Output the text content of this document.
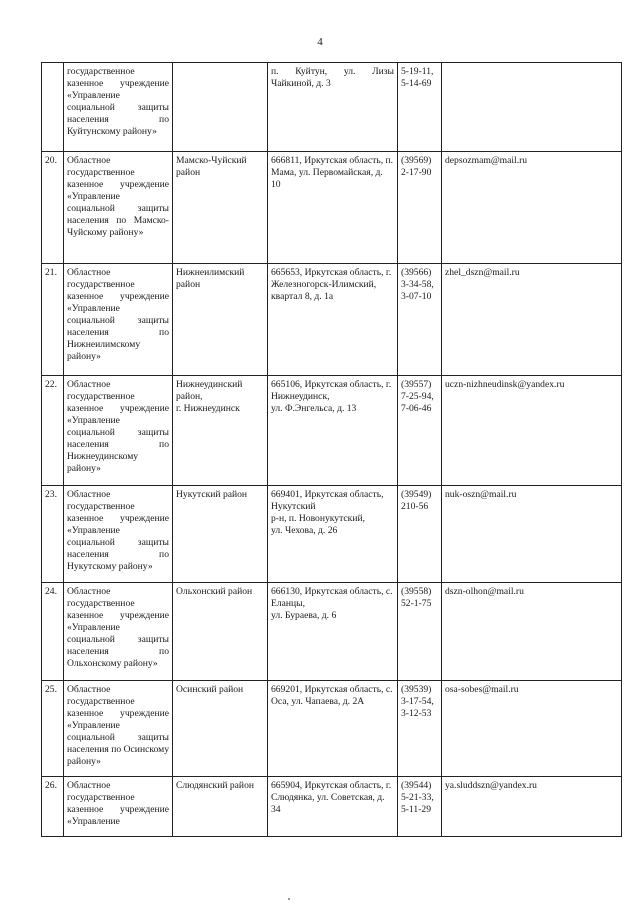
4
	государственное казенное учреждение «Управление социальной защиты населения по Куйтунскому району»		п. Куйтун, ул. Лизы Чайкиной, д. 3	5-19-11,
5-14-69	
20.	Областное государственное казенное учреждение «Управление социальной защиты населения по Мамско-Чуйскому району»	Мамско-Чуйский район	666811, Иркутская область, п. Мама, ул. Первомайская, д. 10	(39569)
2-17-90	depsozmam@mail.ru
21.	Областное государственное казенное учреждение «Управление социальной защиты населения по Нижнеилимскому району»	Нижнеилимский район	665653, Иркутская область, г. Железногорск-Илимский, квартал 8, д. 1а	(39566)
3-34-58,
3-07-10	zhel_dszn@mail.ru
22.	Областное государственное казенное учреждение «Управление социальной защиты населения по Нижнеудинскому району»	Нижнеудинский район,
г. Нижнеудинск	665106, Иркутская область, г. Нижнеудинск,
ул. Ф.Энгельса, д. 13	(39557)
7-25-94,
7-06-46	uczn-nizhneudinsk@yandex.ru
23.	Областное государственное казенное учреждение «Управление социальной защиты населения по Нукутскому району»	Нукутский район	669401, Иркутская область, Нукутский
р-н, п. Новонукутский,
ул. Чехова, д. 26	(39549)
210-56	nuk-oszn@mail.ru
24.	Областное государственное казенное учреждение «Управление социальной защиты населения по Ольхонскому району»	Ольхонский район	666130, Иркутская область, с. Еланцы,
ул. Бураева, д. 6	(39558)
52-1-75	dszn-olhon@mail.ru
25.	Областное государственное казенное учреждение «Управление социальной защиты населения по Осинскому району»	Осинский район	669201, Иркутская область, с. Оса, ул. Чапаева, д. 2А	(39539)
3-17-54,
3-12-53	osa-sobes@mail.ru
26.	Областное государственное казенное учреждение «Управление	Слюдянский район	665904, Иркутская область, г. Слюдянка, ул. Советская, д. 34	(39544)
5-21-33,
5-11-29	ya.sluddszn@yandex.ru
